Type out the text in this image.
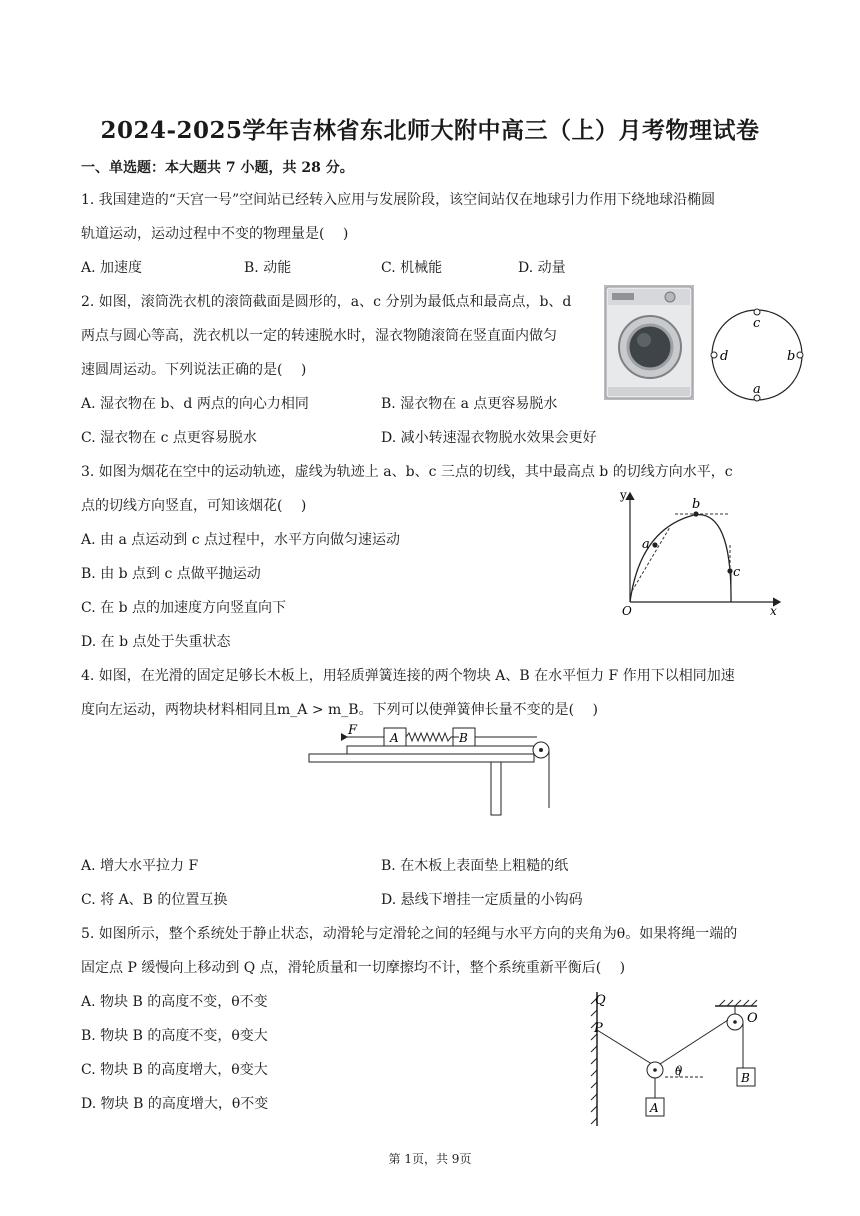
2024-2025学年吉林省东北师大附中高三（上）月考物理试卷
一、单选题：本大题共 7 小题，共 28 分。
1. 我国建造的“天宫一号”空间站已经转入应用与发展阶段，该空间站仅在地球引力作用下绕地球沿椭圆
轨道运动，运动过程中不变的物理量是(　 )
A. 加速度	B. 动能	C. 机械能	D. 动量
2. 如图，滚筒洗衣机的滚筒截面是圆形的，a、c 分别为最低点和最高点，b、d
两点与圆心等高，洗衣机以一定的转速脱水时，湿衣物随滚筒在竖直面内做匀
速圆周运动。下列说法正确的是(　 )
A. 湿衣物在 b、d 两点的向心力相同	B. 湿衣物在 a 点更容易脱水
C. 湿衣物在 c 点更容易脱水	D. 减小转速湿衣物脱水效果会更好
c
a
d	b
3. 如图为烟花在空中的运动轨迹，虚线为轨迹上 a、b、c 三点的切线，其中最高点 b 的切线方向水平，c
点的切线方向竖直，可知该烟花(　 )
A. 由 a 点运动到 c 点过程中，水平方向做匀速运动
B. 由 b 点到 c 点做平抛运动
C. 在 b 点的加速度方向竖直向下
D. 在 b 点处于失重状态
y
x
O
a
b
c
4. 如图，在光滑的固定足够长木板上，用轻质弹簧连接的两个物块 A、B 在水平恒力 F 作用下以相同加速
度向左运动，两物块材料相同且m_A > m_B。下列可以使弹簧伸长量不变的是(　 )
F	A	B
A. 增大水平拉力 F	B. 在木板上表面垫上粗糙的纸
C. 将 A、B 的位置互换	D. 悬线下增挂一定质量的小钩码
5. 如图所示，整个系统处于静止状态，动滑轮与定滑轮之间的轻绳与水平方向的夹角为θ。如果将绳一端的
固定点 P 缓慢向上移动到 Q 点，滑轮质量和一切摩擦均不计，整个系统重新平衡后(　 )
A. 物块 B 的高度不变，θ不变
B. 物块 B 的高度不变，θ变大
C. 物块 B 的高度增大，θ变大
D. 物块 B 的高度增大，θ不变
Q
P
O
θ
A
B
第 1页，共 9页
